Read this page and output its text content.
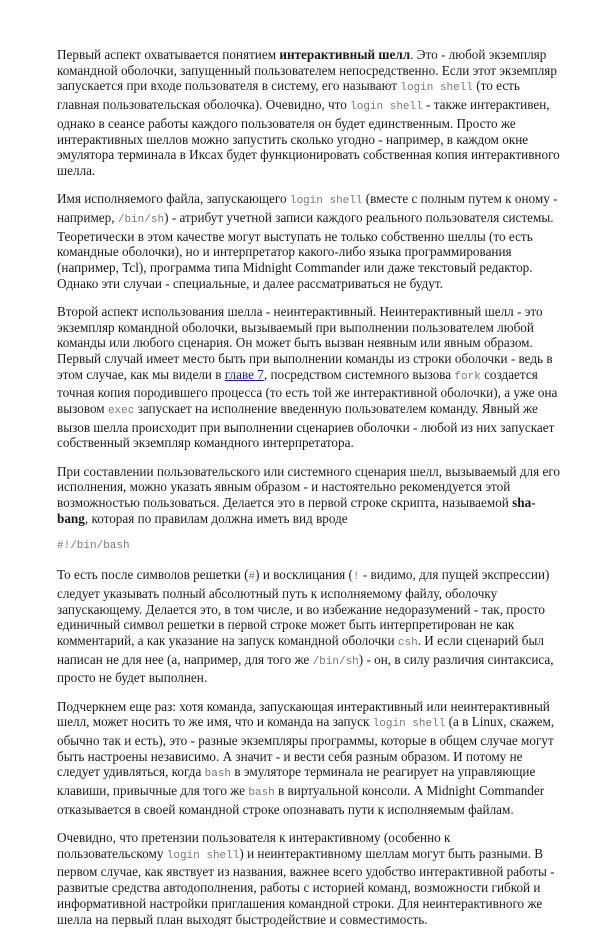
Первый аспект охватывается понятием интерактивный шелл. Это - любой экземпляр командной оболочки, запущенный пользователем непосредственно. Если этот экземпляр запускается при входе пользователя в систему, его называют login shell (то есть главная пользовательская оболочка). Очевидно, что login shell - также интерактивен, однако в сеансе работы каждого пользователя он будет единственным. Просто же интерактивных шеллов можно запустить сколько угодно - например, в каждом окне эмулятора терминала в Иксах будет функционировать собственная копия интерактивного шелла.

Имя исполняемого файла, запускающего login shell (вместе с полным путем к оному - например, /bin/sh) - атрибут учетной записи каждого реального пользователя системы. Теоретически в этом качестве могут выступать не только собственно шеллы (то есть командные оболочки), но и интерпретатор какого-либо языка программирования (например, Tcl), программа типа Midnight Commander или даже текстовый редактор. Однако эти случаи - специальные, и далее рассматриваться не будут.

Второй аспект использования шелла - неинтерактивный. Неинтерактивный шелл - это экземпляр командной оболочки, вызываемый при выполнении пользователем любой команды или любого сценария. Он может быть вызван неявным или явным образом. Первый случай имеет место быть при выполнении команды из строки оболочки - ведь в этом случае, как мы видели в главе 7, посредством системного вызова fork создается точная копия породившего процесса (то есть той же интерактивной оболочки), а уже она вызовом exec запускает на исполнение введенную пользователем команду. Явный же вызов шелла происходит при выполнении сценариев оболочки - любой из них запускает собственный экземпляр командного интерпретатора.

При составлении пользовательского или системного сценария шелл, вызываемый для его исполнения, можно указать явным образом - и настоятельно рекомендуется этой возможностью пользоваться. Делается это в первой строке скрипта, называемой sha-bang, которая по правилам должна иметь вид вроде

#!/bin/bash

То есть после символов решетки (#) и восклицания (! - видимо, для пущей экспрессии) следует указывать полный абсолютный путь к исполняемому файлу, оболочку запускающему. Делается это, в том числе, и во избежание недоразумений - так, просто единичный символ решетки в первой строке может быть интерпретирован не как комментарий, а как указание на запуск командной оболочки csh. И если сценарий был написан не для нее (а, например, для того же /bin/sh) - он, в силу различия синтаксиса, просто не будет выполнен.

Подчеркнем еще раз: хотя команда, запускающая интерактивный или неинтерактивный шелл, может носить то же имя, что и команда на запуск login shell (а в Linux, скажем, обычно так и есть), это - разные экземпляры программы, которые в общем случае могут быть настроены независимо. А значит - и вести себя разным образом. И потому не следует удивляться, когда bash в эмуляторе терминала не реагирует на управляющие клавиши, привычные для того же bash в виртуальной консоли. А Midnight Commander отказывается в своей командной строке опознавать пути к исполняемым файлам.

Очевидно, что претензии пользователя к интерактивному (особенно к пользовательскому login shell) и неинтерактивному шеллам могут быть разными. В первом случае, как явствует из названия, важнее всего удобство интерактивной работы - развитые средства автодополнения, работы с историей команд, возможности гибкой и информативной настройки приглашения командной строки. Для неинтерактивного же шелла на первый план выходят быстродействие и совместимость.
